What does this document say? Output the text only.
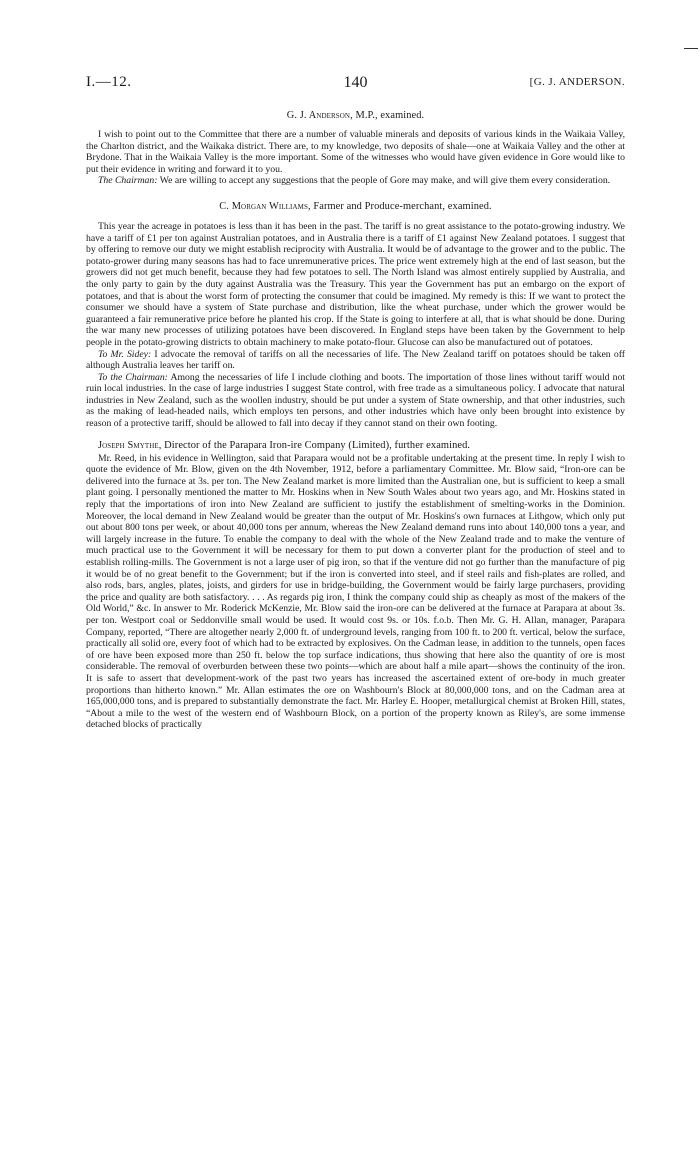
I.—12.	140	[G. J. ANDERSON.
G. J. Anderson, M.P., examined.

I wish to point out to the Committee that there are a number of valuable minerals and deposits of various kinds in the Waikaia Valley, the Charlton district, and the Waikaka district. There are, to my knowledge, two deposits of shale—one at Waikaia Valley and the other at Brydone. That in the Waikaia Valley is the more important. Some of the witnesses who would have given evidence in Gore would like to put their evidence in writing and forward it to you.

The Chairman: We are willing to accept any suggestions that the people of Gore may make, and will give them every consideration.

C. Morgan Williams, Farmer and Produce-merchant, examined.

This year the acreage in potatoes is less than it has been in the past. The tariff is no great assistance to the potato-growing industry. We have a tariff of £1 per ton against Australian potatoes, and in Australia there is a tariff of £1 against New Zealand potatoes. I suggest that by offering to remove our duty we might establish reciprocity with Australia. It would be of advantage to the grower and to the public. The potato-grower during many seasons has had to face unremunerative prices. The price went extremely high at the end of last season, but the growers did not get much benefit, because they had few potatoes to sell. The North Island was almost entirely supplied by Australia, and the only party to gain by the duty against Australia was the Treasury. This year the Government has put an embargo on the export of potatoes, and that is about the worst form of protecting the consumer that could be imagined. My remedy is this: If we want to protect the consumer we should have a system of State purchase and distribution, like the wheat purchase, under which the grower would be guaranteed a fair remunerative price before he planted his crop. If the State is going to interfere at all, that is what should be done. During the war many new processes of utilizing potatoes have been discovered. In England steps have been taken by the Government to help people in the potato-growing districts to obtain machinery to make potato-flour. Glucose can also be manufactured out of potatoes.

To Mr. Sidey: I advocate the removal of tariffs on all the necessaries of life. The New Zealand tariff on potatoes should be taken off although Australia leaves her tariff on.

To the Chairman: Among the necessaries of life I include clothing and boots. The importation of those lines without tariff would not ruin local industries. In the case of large industries I suggest State control, with free trade as a simultaneous policy. I advocate that natural industries in New Zealand, such as the woollen industry, should be put under a system of State ownership, and that other industries, such as the making of lead-headed nails, which employs ten persons, and other industries which have only been brought into existence by reason of a protective tariff, should be allowed to fall into decay if they cannot stand on their own footing.

Joseph Smythe, Director of the Parapara Iron-ire Company (Limited), further examined.

Mr. Reed, in his evidence in Wellington, said that Parapara would not be a profitable undertaking at the present time. In reply I wish to quote the evidence of Mr. Blow, given on the 4th November, 1912, before a parliamentary Committee. Mr. Blow said, “Iron-ore can be delivered into the furnace at 3s. per ton. The New Zealand market is more limited than the Australian one, but is sufficient to keep a small plant going. I personally mentioned the matter to Mr. Hoskins when in New South Wales about two years ago, and Mr. Hoskins stated in reply that the importations of iron into New Zealand are sufficient to justify the establishment of smelting-works in the Dominion. Moreover, the local demand in New Zealand would be greater than the output of Mr. Hoskins's own furnaces at Lithgow, which only put out about 800 tons per week, or about 40,000 tons per annum, whereas the New Zealand demand runs into about 140,000 tons a year, and will largely increase in the future. To enable the company to deal with the whole of the New Zealand trade and to make the venture of much practical use to the Government it will be necessary for them to put down a converter plant for the production of steel and to establish rolling-mills. The Government is not a large user of pig iron, so that if the venture did not go further than the manufacture of pig it would be of no great benefit to the Government; but if the iron is converted into steel, and if steel rails and fish-plates are rolled, and also rods, bars, angles, plates, joists, and girders for use in bridge-building, the Government would be fairly large purchasers, providing the price and quality are both satisfactory. . . . As regards pig iron, I think the company could ship as cheaply as most of the makers of the Old World,” &c. In answer to Mr. Roderick McKenzie, Mr. Blow said the iron-ore can be delivered at the furnace at Parapara at about 3s. per ton. Westport coal or Seddonville small would be used. It would cost 9s. or 10s. f.o.b. Then Mr. G. H. Allan, manager, Parapara Company, reported, “There are altogether nearly 2,000 ft. of underground levels, ranging from 100 ft. to 200 ft. vertical, below the surface, practically all solid ore, every foot of which had to be extracted by explosives. On the Cadman lease, in addition to the tunnels, open faces of ore have been exposed more than 250 ft. below the top surface indications, thus showing that here also the quantity of ore is most considerable. The removal of overburden between these two points—which are about half a mile apart—shows the continuity of the iron. It is safe to assert that development-work of the past two years has increased the ascertained extent of ore-body in much greater proportions than hitherto known.” Mr. Allan estimates the ore on Washbourn's Block at 80,000,000 tons, and on the Cadman area at 165,000,000 tons, and is prepared to substantially demonstrate the fact. Mr. Harley E. Hooper, metallurgical chemist at Broken Hill, states, “About a mile to the west of the western end of Washbourn Block, on a portion of the property known as Riley's, are some immense detached blocks of practically
